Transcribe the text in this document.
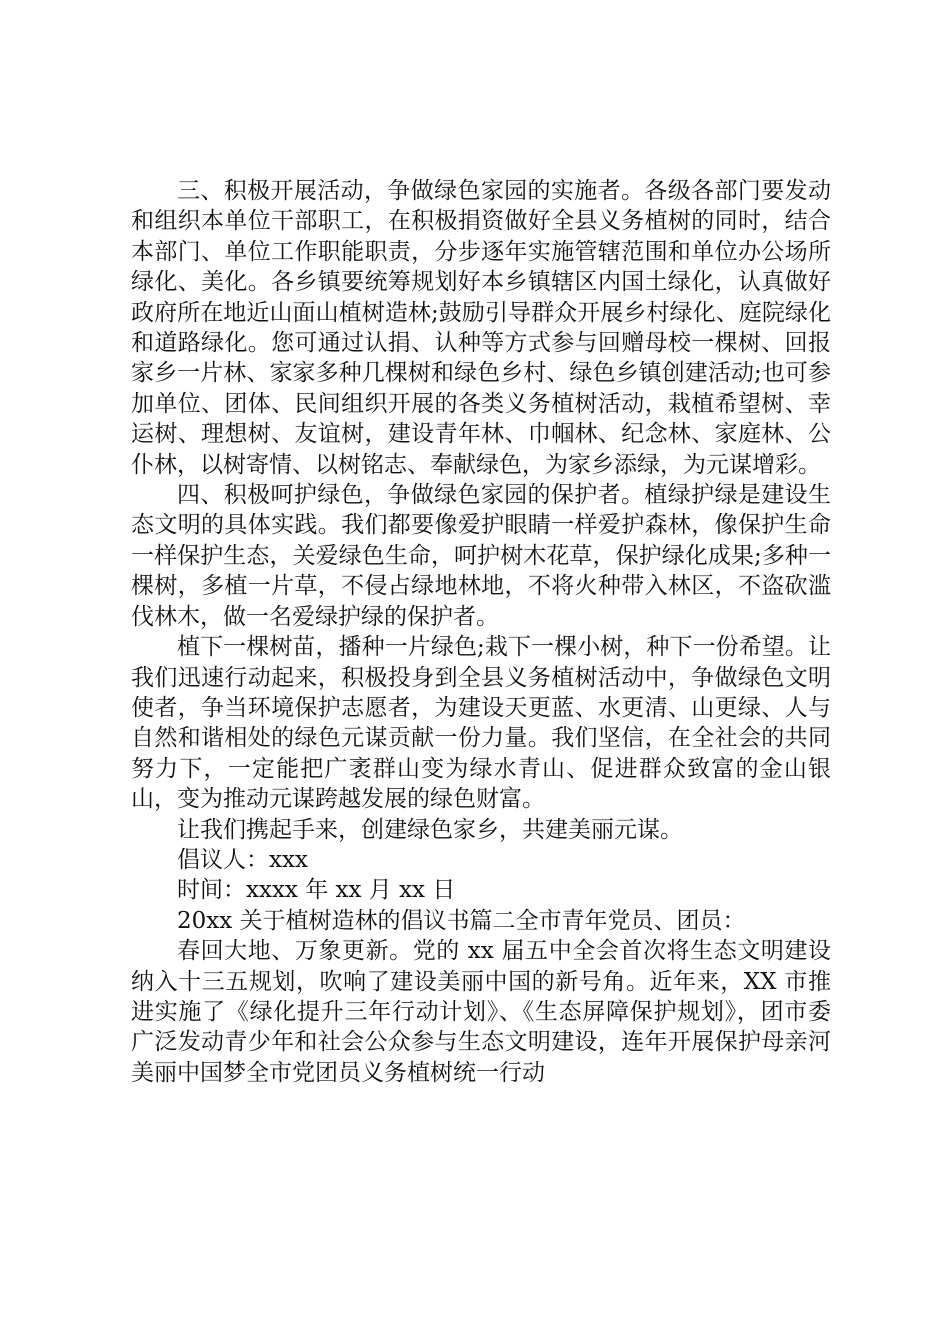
三、积极开展活动，争做绿色家园的实施者。各级各部门要发动和组织本单位干部职工，在积极捐资做好全县义务植树的同时，结合本部门、单位工作职能职责，分步逐年实施管辖范围和单位办公场所绿化、美化。各乡镇要统筹规划好本乡镇辖区内国土绿化，认真做好政府所在地近山面山植树造林;鼓励引导群众开展乡村绿化、庭院绿化和道路绿化。您可通过认捐、认种等方式参与回赠母校一棵树、回报家乡一片林、家家多种几棵树和绿色乡村、绿色乡镇创建活动;也可参加单位、团体、民间组织开展的各类义务植树活动，栽植希望树、幸运树、理想树、友谊树，建设青年林、巾帼林、纪念林、家庭林、公仆林，以树寄情、以树铭志、奉献绿色，为家乡添绿，为元谋增彩。

四、积极呵护绿色，争做绿色家园的保护者。植绿护绿是建设生态文明的具体实践。我们都要像爱护眼睛一样爱护森林，像保护生命一样保护生态，关爱绿色生命，呵护树木花草，保护绿化成果;多种一棵树，多植一片草，不侵占绿地林地，不将火种带入林区，不盗砍滥伐林木，做一名爱绿护绿的保护者。

植下一棵树苗，播种一片绿色;栽下一棵小树，种下一份希望。让我们迅速行动起来，积极投身到全县义务植树活动中，争做绿色文明使者，争当环境保护志愿者，为建设天更蓝、水更清、山更绿、人与自然和谐相处的绿色元谋贡献一份力量。我们坚信，在全社会的共同努力下，一定能把广袤群山变为绿水青山、促进群众致富的金山银山，变为推动元谋跨越发展的绿色财富。

让我们携起手来，创建绿色家乡，共建美丽元谋。

倡议人：xxx

时间：xxxx 年 xx 月 xx 日

20xx 关于植树造林的倡议书篇二全市青年党员、团员：

春回大地、万象更新。党的 xx 届五中全会首次将生态文明建设纳入十三五规划，吹响了建设美丽中国的新号角。近年来，XX 市推进实施了《绿化提升三年行动计划》、《生态屏障保护规划》，团市委广泛发动青少年和社会公众参与生态文明建设，连年开展保护母亲河美丽中国梦全市党团员义务植树统一行动
